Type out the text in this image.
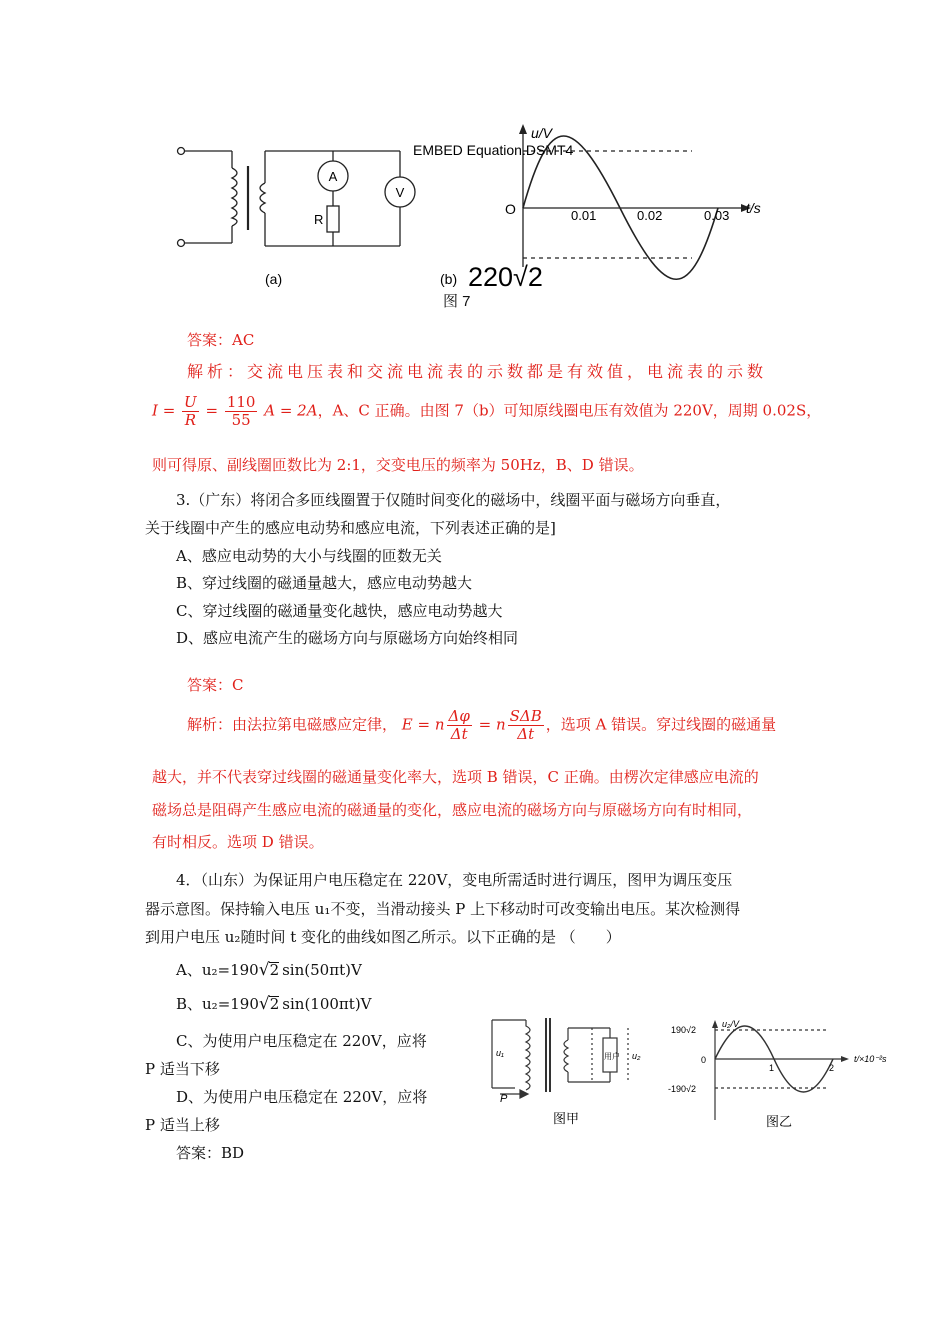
A
V
R
(a)
u/V
EMBED Equation.DSMT4
O	0.01	0.02	0.03 t/s
(b) 220√2
图 7
答案：AC
解析：交流电压表和交流电流表的示数都是有效值，电流表的示数
$I = \frac{U}{R} = \frac{110}{55}$ A = 2A，A、C 正确。由图 7（b）可知原线圈电压有效值为 220V，周期 0.02S，
则可得原、副线圈匝数比为 2:1，交变电压的频率为 50Hz，B、D 错误。
3.（广东）将闭合多匝线圈置于仅随时间变化的磁场中，线圈平面与磁场方向垂直，
关于线圈中产生的感应电动势和感应电流，下列表述正确的是]
A、感应电动势的大小与线圈的匝数无关
B、穿过线圈的磁通量越大，感应电动势越大
C、穿过线圈的磁通量变化越快，感应电动势越大
D、感应电流产生的磁场方向与原磁场方向始终相同
答案：C
解析：由法拉第电磁感应定律， E = n $\frac{\Delta\varphi}{\Delta t} = n \frac{\text{SΔB}}{\Delta t}$ ，选项 A 错误。穿过线圈的磁通量
越大，并不代表穿过线圈的磁通量变化率大，选项 B 错误，C 正确。由楞次定律感应电流的
磁场总是阻碍产生感应电流的磁通量的变化，感应电流的磁场方向与原磁场方向有时相同，
有时相反。选项 D 错误。
4．（山东）为保证用户电压稳定在 220V，变电所需适时进行调压，图甲为调压变压
器示意图。保持输入电压 u₁不变，当滑动接头 P 上下移动时可改变输出电压。某次检测得
到用户电压 u₂随时间 t 变化的曲线如图乙所示。以下正确的是 （　　）
A、u₂=190√2 sin(50πt)V
B、u₂=190√2 sin(100πt)V
C、为使用户电压稳定在 220V，应将
P 适当下移
D、为使用户电压稳定在 220V，应将
P 适当上移
答案：BD
u₁	u₂
P
用户
图甲
u₂/V
190√2
0
-190√2
1	2
t/×10⁻²s
图乙
